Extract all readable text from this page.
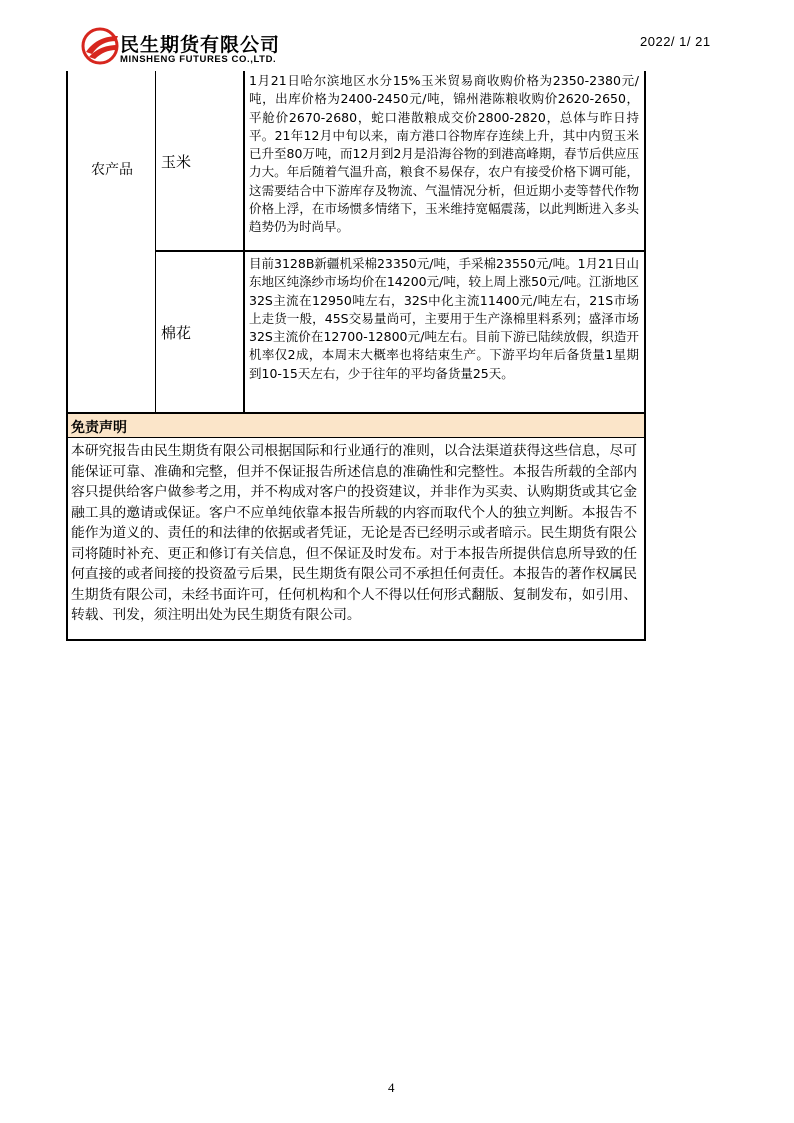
民生期货有限公司
MINSHENG FUTURES CO.,LTD.
2022/ 1/ 21
农产品	玉米
1月21日哈尔滨地区水分15%玉米贸易商收购价格为2350-2380元/吨，出库价格为2400-2450元/吨，锦州港陈粮收购价2620-2650，平舱价2670-2680，蛇口港散粮成交价2800-2820，总体与昨日持平。21年12月中旬以来，南方港口谷物库存连续上升，其中内贸玉米已升至80万吨，而12月到2月是沿海谷物的到港高峰期，春节后供应压力大。年后随着气温升高，粮食不易保存，农户有接受价格下调可能，这需要结合中下游库存及物流、气温情况分析，但近期小麦等替代作物价格上浮，在市场惯多情绪下，玉米维持宽幅震荡，以此判断进入多头趋势仍为时尚早。
棉花
目前3128B新疆机采棉23350元/吨，手采棉23550元/吨。1月21日山东地区纯涤纱市场均价在14200元/吨，较上周上涨50元/吨。江浙地区32S主流在12950吨左右，32S中化主流11400元/吨左右，21S市场上走货一般，45S交易量尚可，主要用于生产涤棉里料系列；盛泽市场32S主流价在12700-12800元/吨左右。目前下游已陆续放假，织造开机率仅2成，本周末大概率也将结束生产。下游平均年后备货量1星期到10-15天左右，少于往年的平均备货量25天。
免责声明
本研究报告由民生期货有限公司根据国际和行业通行的准则，以合法渠道获得这些信息，尽可能保证可靠、准确和完整，但并不保证报告所述信息的准确性和完整性。本报告所载的全部内容只提供给客户做参考之用，并不构成对客户的投资建议，并非作为买卖、认购期货或其它金融工具的邀请或保证。客户不应单纯依靠本报告所载的内容而取代个人的独立判断。本报告不能作为道义的、责任的和法律的依据或者凭证，无论是否已经明示或者暗示。民生期货有限公司将随时补充、更正和修订有关信息，但不保证及时发布。对于本报告所提供信息所导致的任何直接的或者间接的投资盈亏后果，民生期货有限公司不承担任何责任。本报告的著作权属民生期货有限公司，未经书面许可，任何机构和个人不得以任何形式翻版、复制发布，如引用、转载、刊发，须注明出处为民生期货有限公司。
4
